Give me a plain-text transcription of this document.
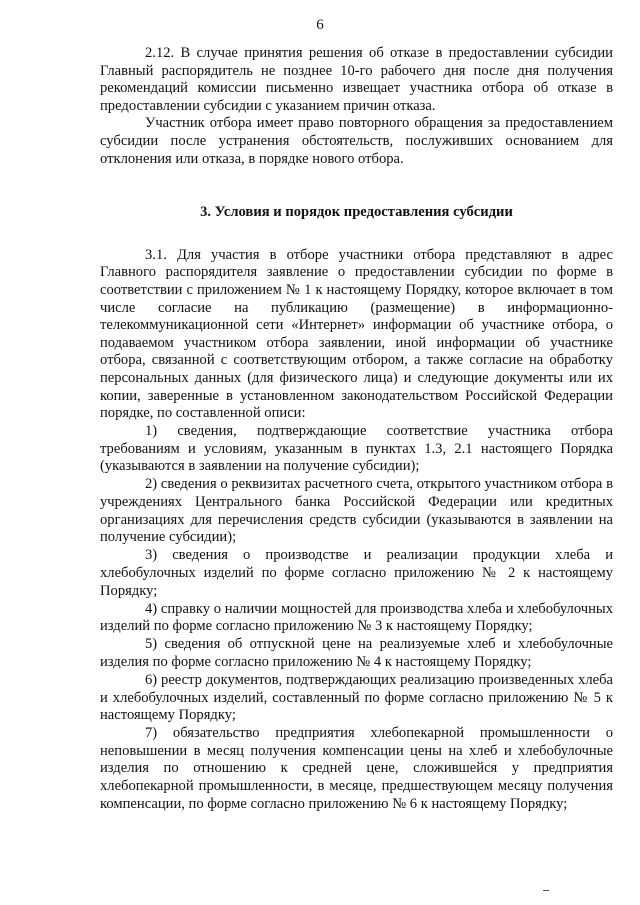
6

2.12. В случае принятия решения об отказе в предоставлении субсидии Главный распорядитель не позднее 10-го рабочего дня после дня получения рекомендаций комиссии письменно извещает участника отбора об отказе в предоставлении субсидии с указанием причин отказа.

Участник отбора имеет право повторного обращения за предоставлением субсидии после устранения обстоятельств, послуживших основанием для отклонения или отказа, в порядке нового отбора.

3. Условия и порядок предоставления субсидии

3.1. Для участия в отборе участники отбора представляют в адрес Главного распорядителя заявление о предоставлении субсидии по форме в соответствии с приложением № 1 к настоящему Порядку, которое включает в том числе согласие на публикацию (размещение) в информационно-телекоммуникационной сети «Интернет» информации об участнике отбора, о подаваемом участником отбора заявлении, иной информации об участнике отбора, связанной с соответствующим отбором, а также согласие на обработку персональных данных (для физического лица) и следующие документы или их копии, заверенные в установленном законодательством Российской Федерации порядке, по составленной описи:

1) сведения, подтверждающие соответствие участника отбора требованиям и условиям, указанным в пунктах 1.3, 2.1 настоящего Порядка (указываются в заявлении на получение субсидии);

2) сведения о реквизитах расчетного счета, открытого участником отбора в учреждениях Центрального банка Российской Федерации или кредитных организациях для перечисления средств субсидии (указываются в заявлении на получение субсидии);

3) сведения о производстве и реализации продукции хлеба и хлебобулочных изделий по форме согласно приложению № 2 к настоящему Порядку;

4) справку о наличии мощностей для производства хлеба и хлебобулочных изделий по форме согласно приложению № 3 к настоящему Порядку;

5) сведения об отпускной цене на реализуемые хлеб и хлебобулочные изделия по форме согласно приложению № 4 к настоящему Порядку;

6) реестр документов, подтверждающих реализацию произведенных хлеба и хлебобулочных изделий, составленный по форме согласно приложению № 5 к настоящему Порядку;

7) обязательство предприятия хлебопекарной промышленности о неповышении в месяц получения компенсации цены на хлеб и хлебобулочные изделия по отношению к средней цене, сложившейся у предприятия хлебопекарной промышленности, в месяце, предшествующем месяцу получения компенсации, по форме согласно приложению № 6 к настоящему Порядку;
